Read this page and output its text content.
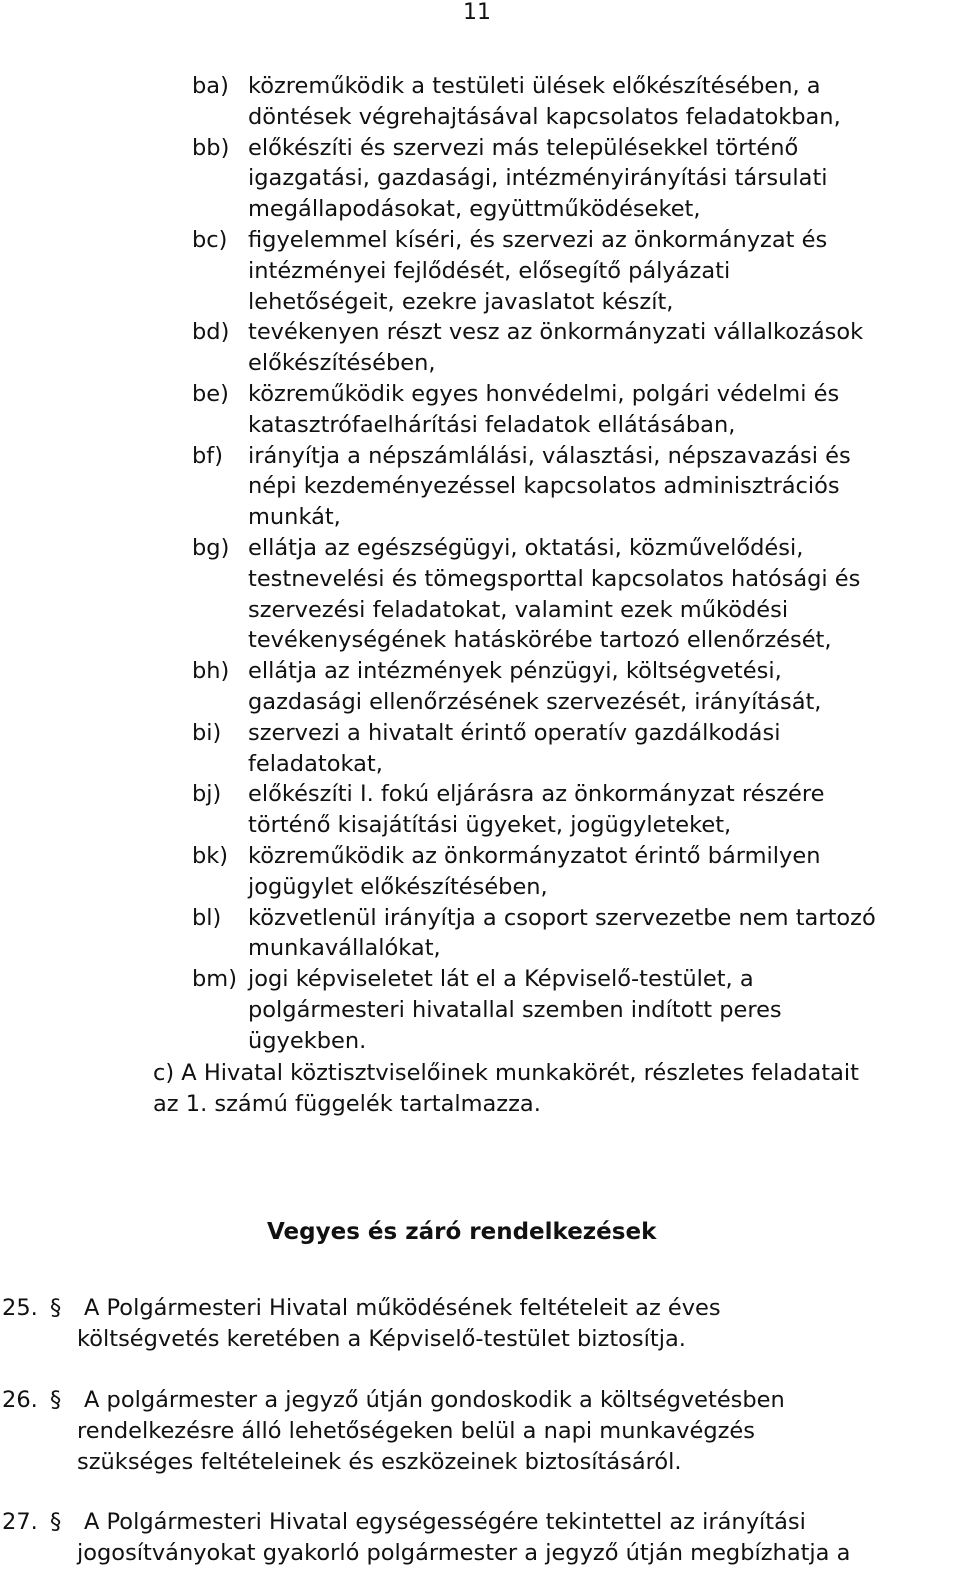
11
ba) közreműködik a testületi ülések előkészítésében, a
döntések végrehajtásával kapcsolatos feladatokban,
bb) előkészíti és szervezi más településekkel történő
igazgatási, gazdasági, intézményirányítási társulati
megállapodásokat, együttműködéseket,
bc) figyelemmel kíséri, és szervezi az önkormányzat és
intézményei fejlődését, elősegítő pályázati
lehetőségeit, ezekre javaslatot készít,
bd) tevékenyen részt vesz az önkormányzati vállalkozások
előkészítésében,
be) közreműködik egyes honvédelmi, polgári védelmi és
katasztrófaelhárítási feladatok ellátásában,
bf) irányítja a népszámlálási, választási, népszavazási és
népi kezdeményezéssel kapcsolatos adminisztrációs
munkát,
bg) ellátja az egészségügyi, oktatási, közművelődési,
testnevelési és tömegsporttal kapcsolatos hatósági és
szervezési feladatokat, valamint ezek működési
tevékenységének hatáskörébe tartozó ellenőrzését,
bh) ellátja az intézmények pénzügyi, költségvetési,
gazdasági ellenőrzésének szervezését, irányítását,
bi) szervezi a hivatalt érintő operatív gazdálkodási
feladatokat,
bj) előkészíti I. fokú eljárásra az önkormányzat részére
történő kisajátítási ügyeket, jogügyleteket,
bk) közreműködik az önkormányzatot érintő bármilyen
jogügylet előkészítésében,
bl) közvetlenül irányítja a csoport szervezetbe nem tartozó
munkavállalókat,
bm) jogi képviseletet lát el a Képviselő-testület, a
polgármesteri hivatallal szemben indított peres
ügyekben.
c) A Hivatal köztisztviselőinek munkakörét, részletes feladatait
az 1. számú függelék tartalmazza.
Vegyes és záró rendelkezések
25. § A Polgármesteri Hivatal működésének feltételeit az éves
költségvetés keretében a Képviselő-testület biztosítja.
26. § A polgármester a jegyző útján gondoskodik a költségvetésben
rendelkezésre álló lehetőségeken belül a napi munkavégzés
szükséges feltételeinek és eszközeinek biztosításáról.
27. § A Polgármesteri Hivatal egységességére tekintettel az irányítási
jogosítványokat gyakorló polgármester a jegyző útján megbízhatja a
